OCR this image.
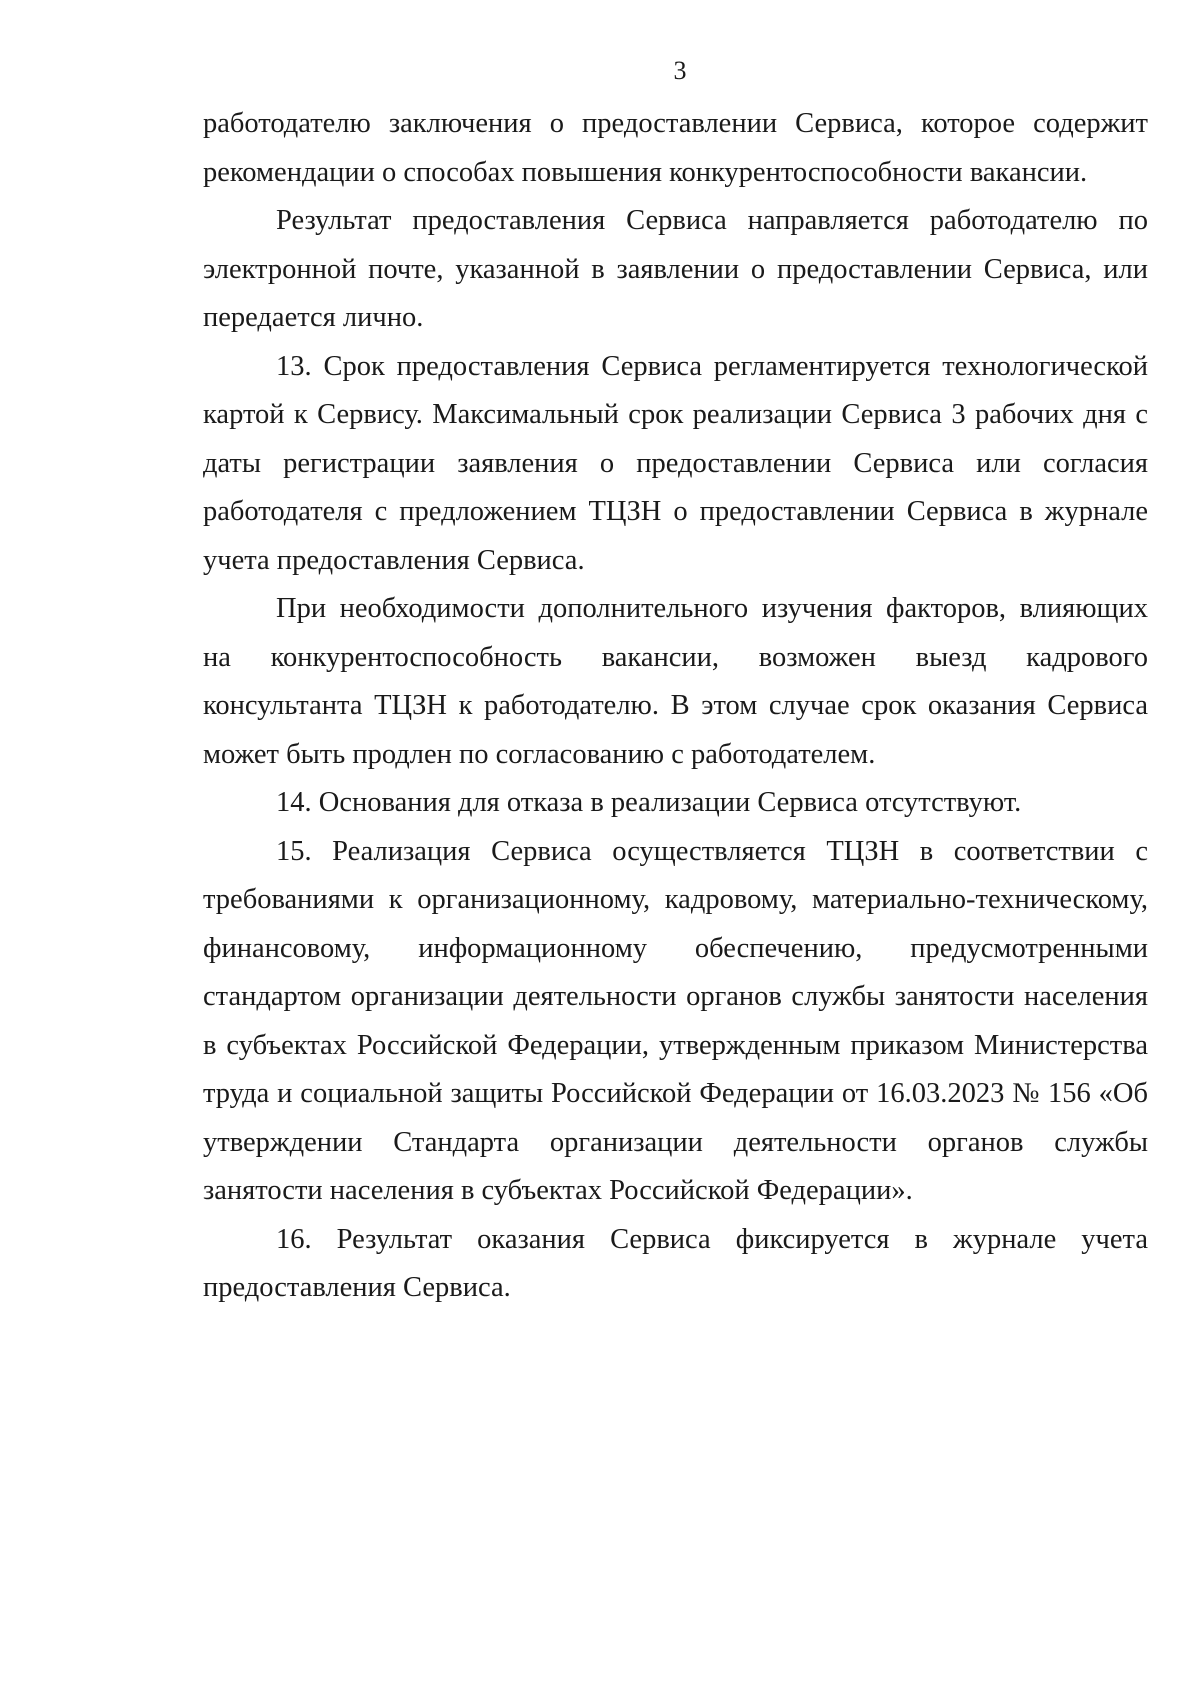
3

работодателю заключения о предоставлении Сервиса, которое содержит рекомендации о способах повышения конкурентоспособности вакансии.

Результат предоставления Сервиса направляется работодателю по электронной почте, указанной в заявлении о предоставлении Сервиса, или передается лично.

13. Срок предоставления Сервиса регламентируется технологической картой к Сервису. Максимальный срок реализации Сервиса 3 рабочих дня с даты регистрации заявления о предоставлении Сервиса или согласия работодателя с предложением ТЦЗН о предоставлении Сервиса в журнале учета предоставления Сервиса.

При необходимости дополнительного изучения факторов, влияющих на конкурентоспособность вакансии, возможен выезд кадрового консультанта ТЦЗН к работодателю. В этом случае срок оказания Сервиса может быть продлен по согласованию с работодателем.

14. Основания для отказа в реализации Сервиса отсутствуют.

15. Реализация Сервиса осуществляется ТЦЗН в соответствии с требованиями к организационному, кадровому, материально-техническому, финансовому, информационному обеспечению, предусмотренными стандартом организации деятельности органов службы занятости населения в субъектах Российской Федерации, утвержденным приказом Министерства труда и социальной защиты Российской Федерации от 16.03.2023 № 156 «Об утверждении Стандарта организации деятельности органов службы занятости населения в субъектах Российской Федерации».

16. Результат оказания Сервиса фиксируется в журнале учета предоставления Сервиса.
